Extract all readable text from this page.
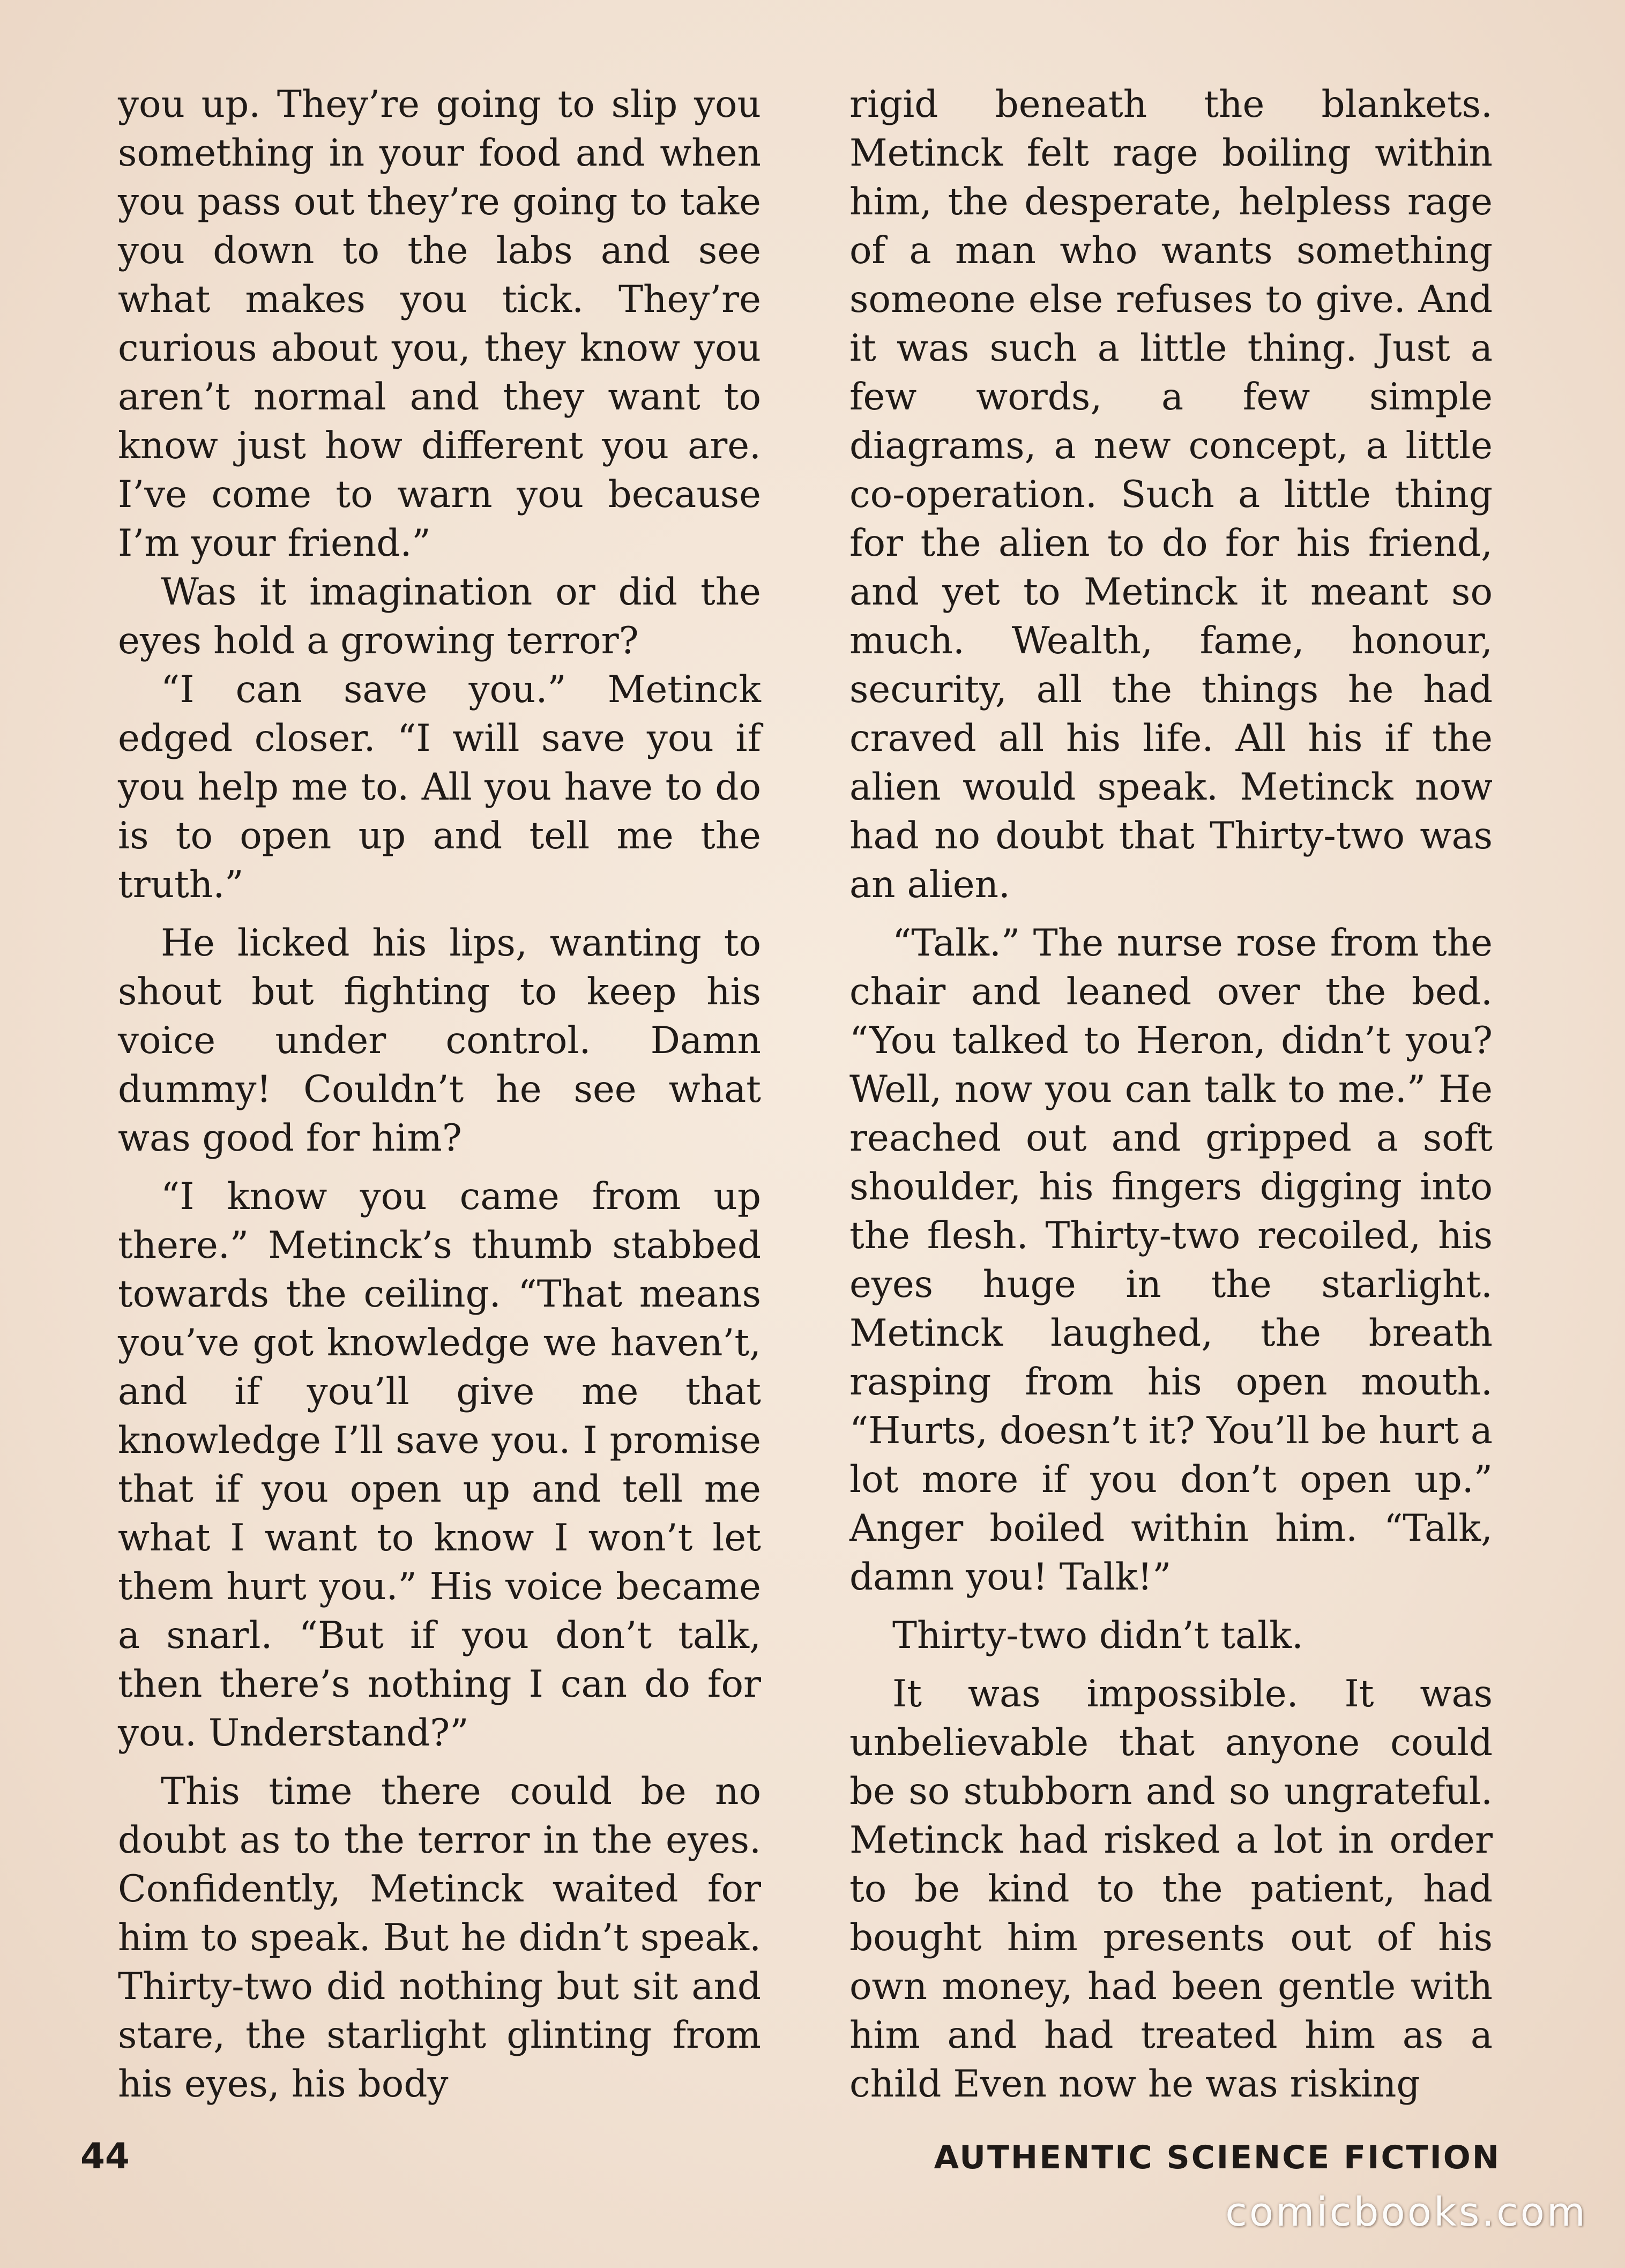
you up. They’re going to slip you something in your food and when you pass out they’re going to take you down to the labs and see what makes you tick. They’re curious about you, they know you aren’t normal and they want to know just how different you are. I’ve come to warn you because I’m your friend.”

Was it imagination or did the eyes hold a growing terror?

“I can save you.” Metinck edged closer. “I will save you if you help me to. All you have to do is to open up and tell me the truth.”

He licked his lips, wanting to shout but fighting to keep his voice under control. Damn dummy! Couldn’t he see what was good for him?

“I know you came from up there.” Metinck’s thumb stabbed towards the ceiling. “That means you’ve got knowledge we haven’t, and if you’ll give me that knowledge I’ll save you. I promise that if you open up and tell me what I want to know I won’t let them hurt you.” His voice became a snarl. “But if you don’t talk, then there’s nothing I can do for you. Understand?”

This time there could be no doubt as to the terror in the eyes. Confidently, Metinck waited for him to speak. But he didn’t speak. Thirty-two did nothing but sit and stare, the starlight glinting from his eyes, his body

rigid beneath the blankets. Metinck felt rage boiling within him, the desperate, helpless rage of a man who wants something someone else refuses to give. And it was such a little thing. Just a few words, a few simple diagrams, a new concept, a little co-operation. Such a little thing for the alien to do for his friend, and yet to Metinck it meant so much. Wealth, fame, honour, security, all the things he had craved all his life. All his if the alien would speak. Metinck now had no doubt that Thirty-two was an alien.

“Talk.” The nurse rose from the chair and leaned over the bed. “You talked to Heron, didn’t you? Well, now you can talk to me.” He reached out and gripped a soft shoulder, his fingers digging into the flesh. Thirty-two recoiled, his eyes huge in the starlight. Metinck laughed, the breath rasping from his open mouth. “Hurts, doesn’t it? You’ll be hurt a lot more if you don’t open up.” Anger boiled within him. “Talk, damn you! Talk!”

Thirty-two didn’t talk.

It was impossible. It was unbelievable that anyone could be so stubborn and so ungrateful. Metinck had risked a lot in order to be kind to the patient, had bought him presents out of his own money, had been gentle with him and had treated him as a child Even now he was risking

44	AUTHENTIC SCIENCE FICTION
comicbooks.com
